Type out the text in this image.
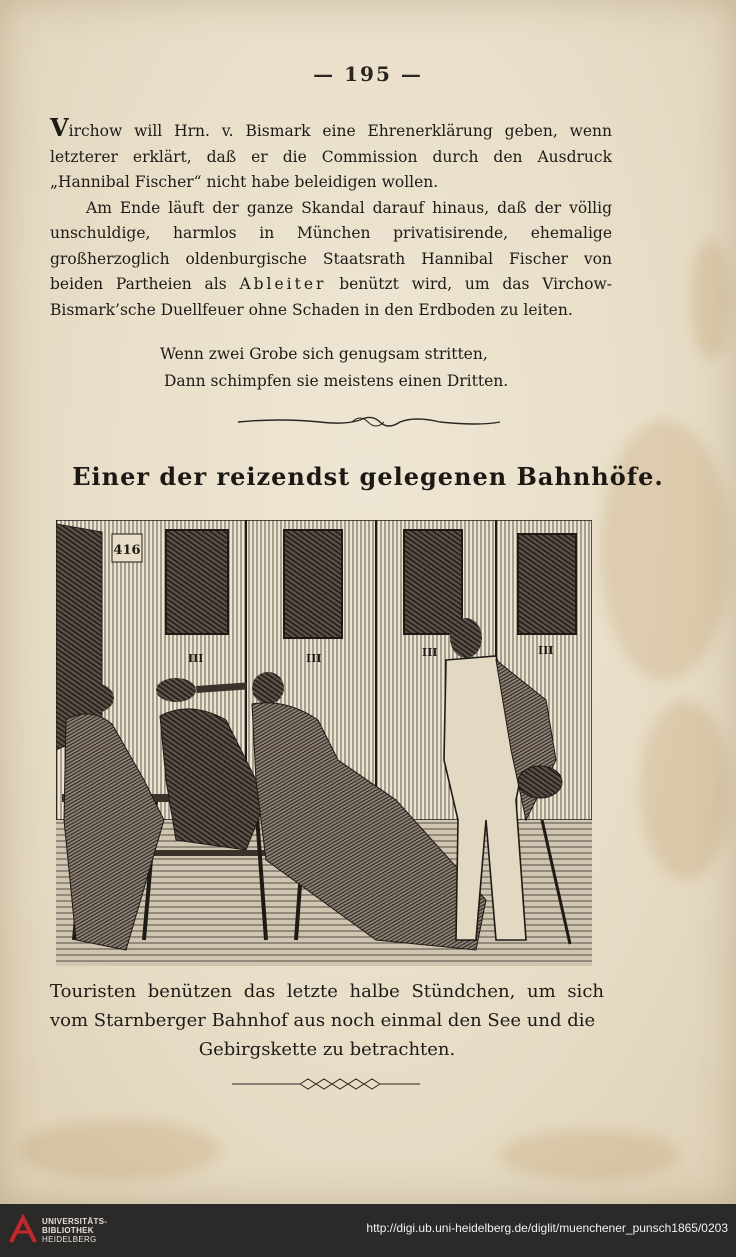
— 195 —

Virchow will Hrn. v. Bismark eine Ehrenerklärung geben, wenn letzterer erklärt, daß er die Commission durch den Ausdruck „Hannibal Fischer“ nicht habe beleidigen wollen.

Am Ende läuft der ganze Skandal darauf hinaus, daß der völlig unschuldige, harmlos in München privatisirende, ehemalige großherzoglich oldenburgische Staatsrath Hannibal Fischer von beiden Partheien als Ableiter benützt wird, um das Virchow-Bismark’sche Duellfeuer ohne Schaden in den Erdboden zu leiten.

Wenn zwei Grobe sich genugsam stritten,
Dann schimpfen sie meistens einen Dritten.
Einer der reizendst gelegenen Bahnhöfe.
416
III	III	III	III
Touristen benützen das letzte halbe Stündchen, um sich vom Starnberger Bahnhof aus noch einmal den See und die
Gebirgskette zu betrachten.
UNIVERSITÄTS-
BIBLIOTHEK
HEIDELBERG
http://digi.ub.uni-heidelberg.de/diglit/muenchener_punsch1865/0203
